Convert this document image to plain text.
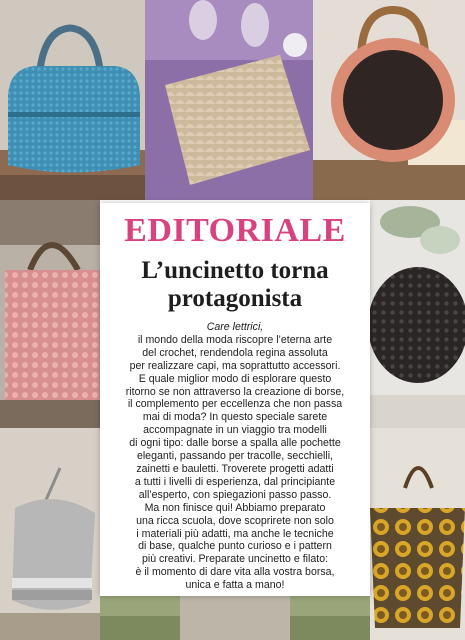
EDITORIALE
L’uncinetto torna
protagonista
Care lettrici,
il mondo della moda riscopre l’eterna arte
del crochet, rendendola regina assoluta
per realizzare capi, ma soprattutto accessori.
E quale miglior modo di esplorare questo
ritorno se non attraverso la creazione di borse,
il complemento per eccellenza che non passa
mai di moda? In questo speciale sarete
accompagnate in un viaggio tra modelli
di ogni tipo: dalle borse a spalla alle pochette
eleganti, passando per tracolle, secchielli,
zainetti e bauletti. Troverete progetti adatti
a tutti i livelli di esperienza, dal principiante
all’esperto, con spiegazioni passo passo.
Ma non finisce qui! Abbiamo preparato
una ricca scuola, dove scoprirete non solo
i materiali più adatti, ma anche le tecniche
di base, qualche punto curioso e i pattern
più creativi. Preparate uncinetto e filato:
è il momento di dare vita alla vostra borsa,
unica e fatta a mano!
